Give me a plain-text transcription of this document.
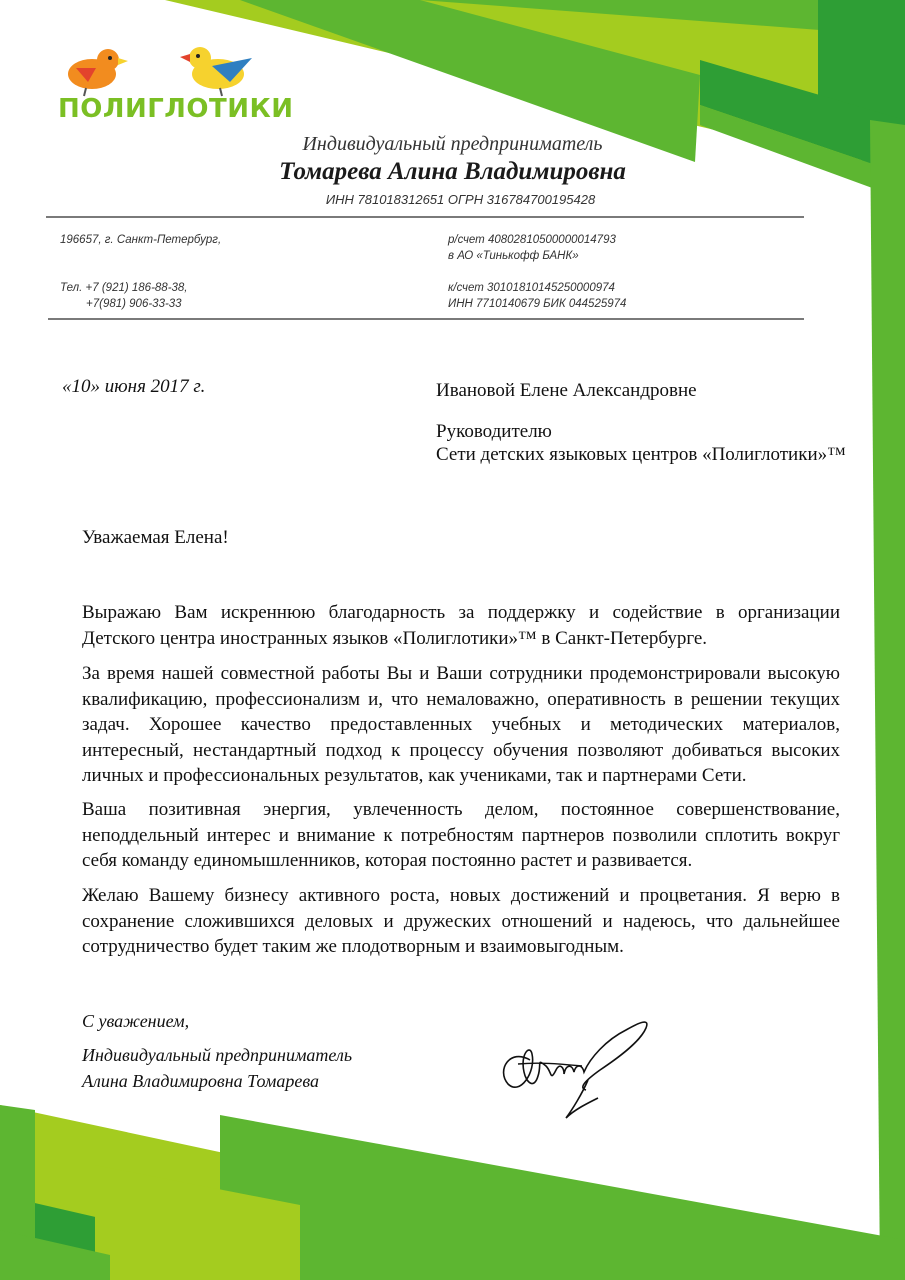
ПОЛИГЛОТИКИ
Индивидуальный предприниматель
Томарева Алина Владимировна
ИНН 781018312651 ОГРН 316784700195428
196657, г. Санкт-Петербург,	р/счет 40802810500000014793
в АО «Тинькофф БАНК»
Тел. +7 (921) 186-88-38,
+7(981) 906-33-33
к/счет 30101810145250000974
ИНН 7710140679 БИК 044525974
«10» июня 2017 г.	Ивановой Елене Александровне
Руководителю
Сети детских языковых центров «Полиглотики»™
Уважаемая Елена!
Выражаю Вам искреннюю благодарность за поддержку и содействие в организации Детского центра иностранных языков «Полиглотики»™ в Санкт-Петербурге.
За время нашей совместной работы Вы и Ваши сотрудники продемонстрировали высокую квалификацию, профессионализм и, что немаловажно, оперативность в решении текущих задач. Хорошее качество предоставленных учебных и методических материалов, интересный, нестандартный подход к процессу обучения позволяют добиваться высоких личных и профессиональных результатов, как учениками, так и партнерами Сети.
Ваша позитивная энергия, увлеченность делом, постоянное совершенствование, неподдельный интерес и внимание к потребностям партнеров позволили сплотить вокруг себя команду единомышленников, которая постоянно растет и развивается.
Желаю Вашему бизнесу активного роста, новых достижений и процветания. Я верю в сохранение сложившихся деловых и дружеских отношений и надеюсь, что дальнейшее сотрудничество будет таким же плодотворным и взаимовыгодным.
С уважением,
Индивидуальный предприниматель
Алина Владимировна Томарева
